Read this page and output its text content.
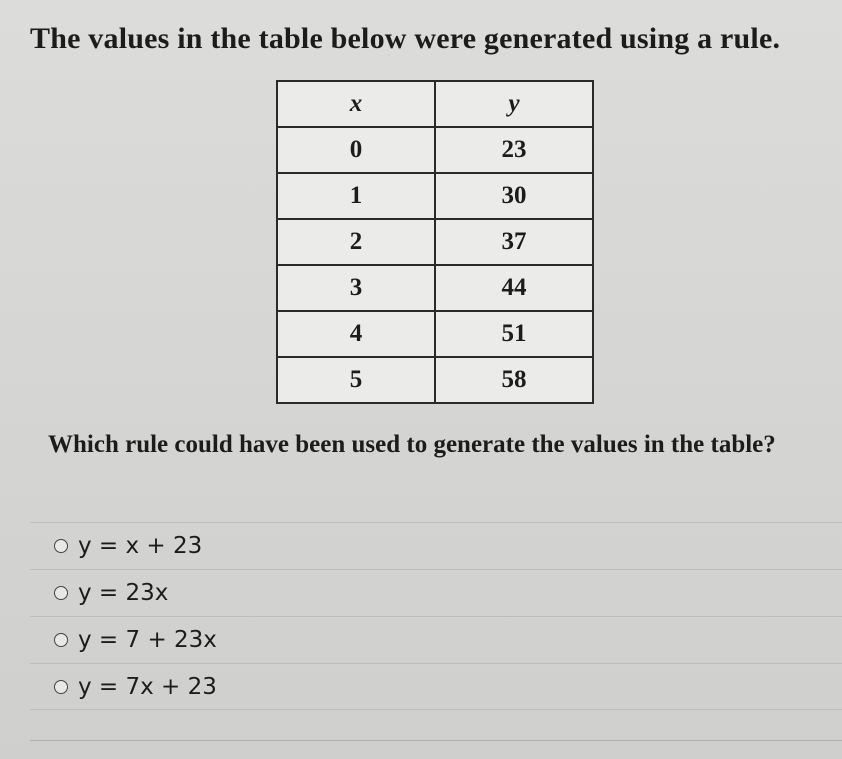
The values in the table below were generated using a rule.
x	y
0	23
1	30
2	37
3	44
4	51
5	58
Which rule could have been used to generate the values in the table?
y = x + 23
y = 23x
y = 7 + 23x
y = 7x + 23
